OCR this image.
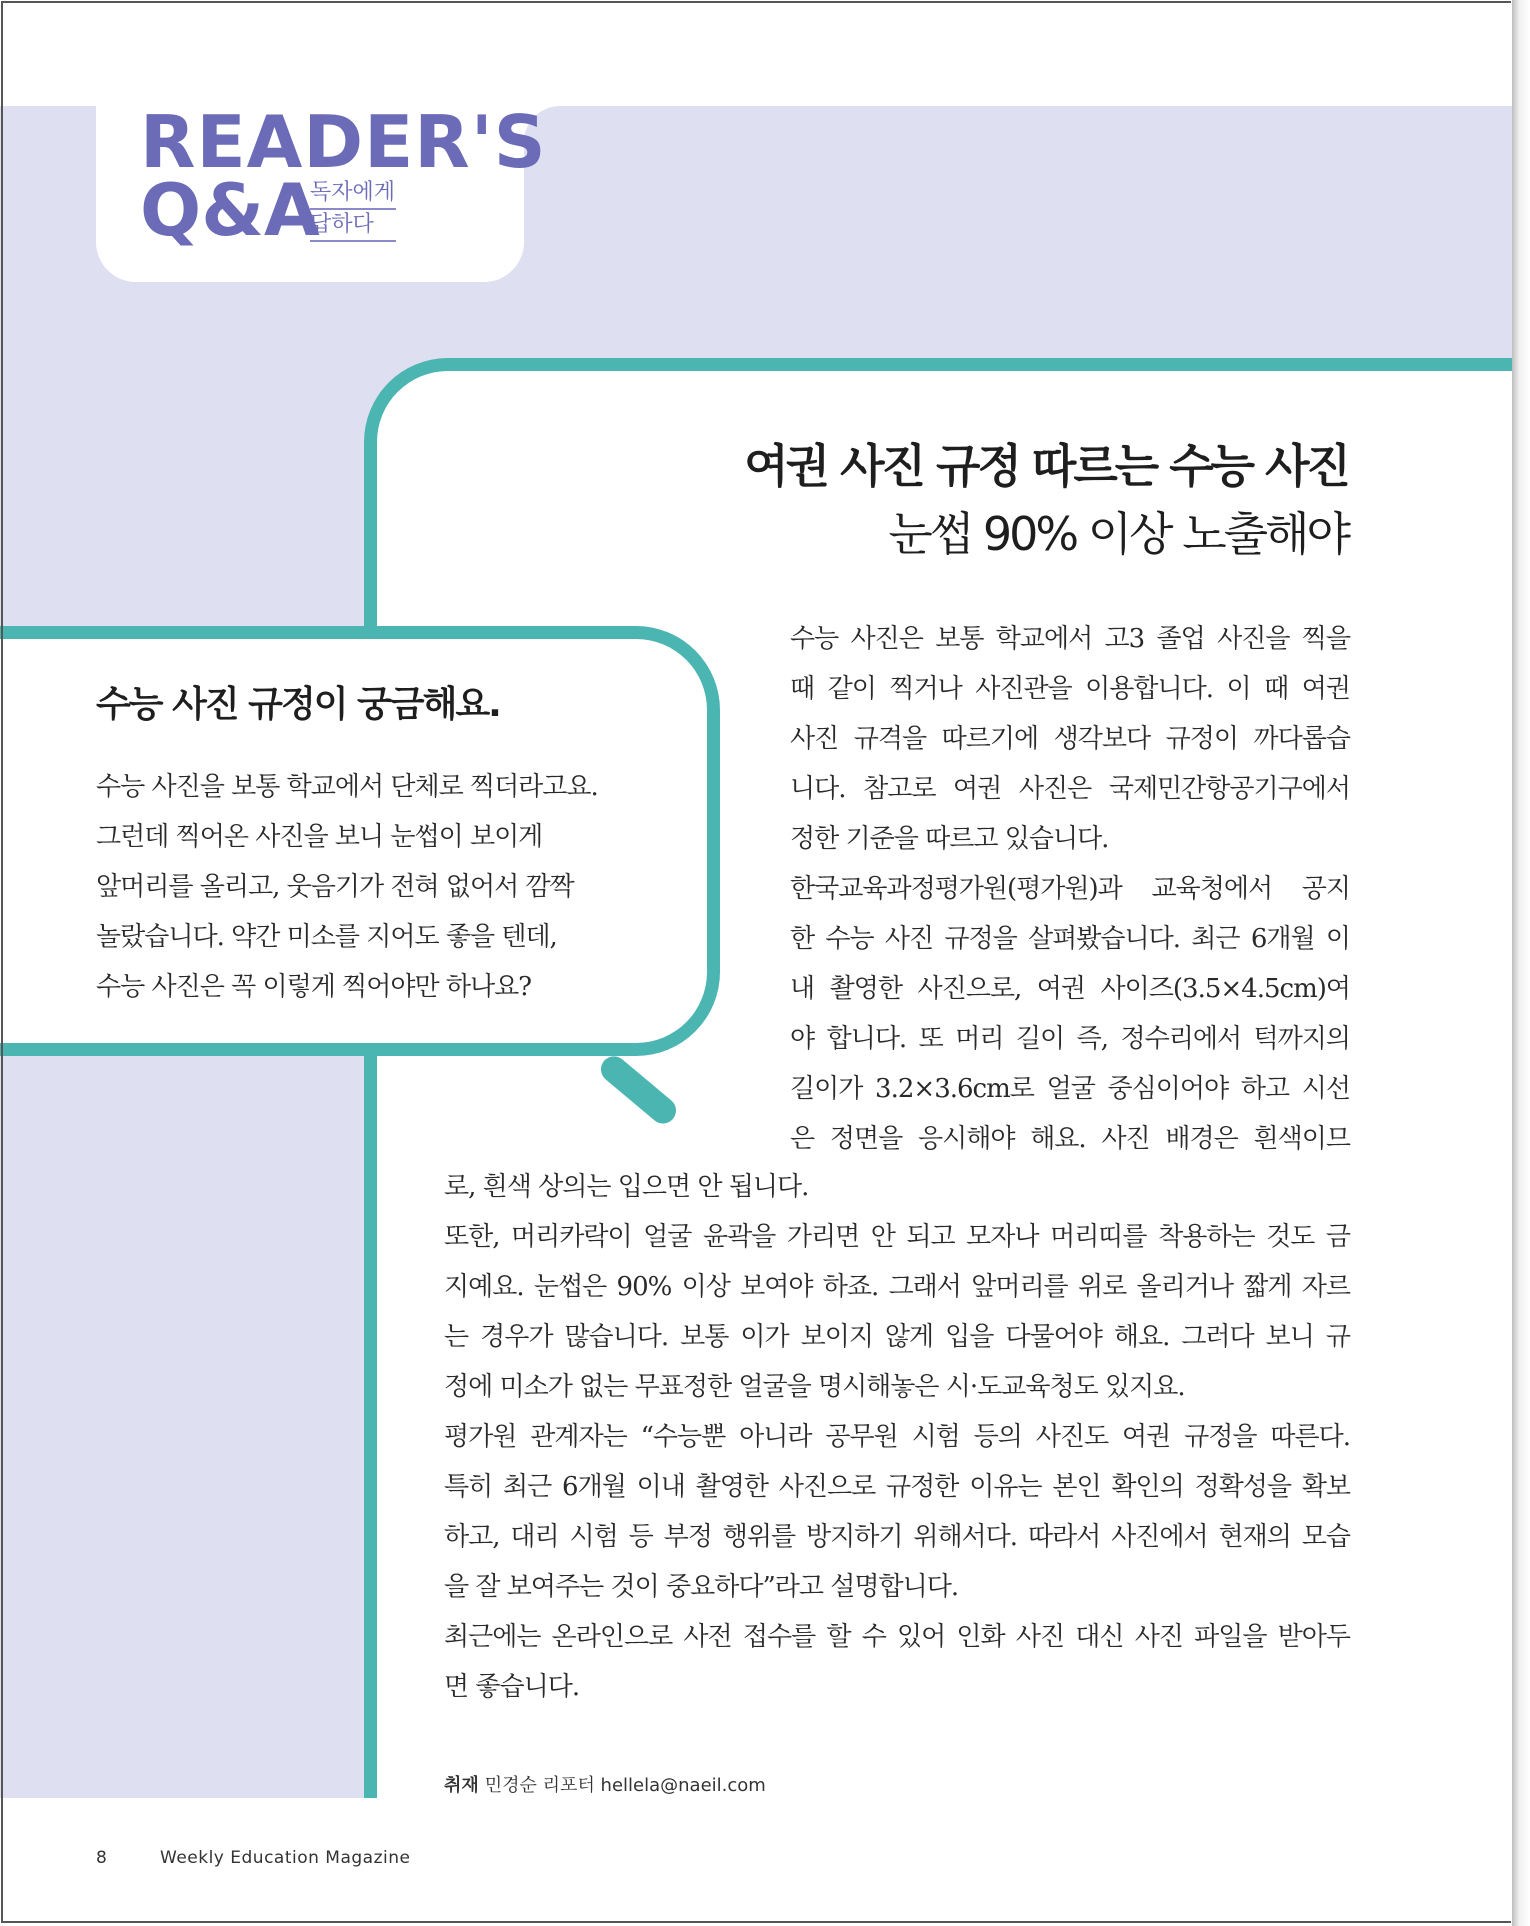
READER'S
Q&A
독자에게
답하다
여권 사진 규정 따르는 수능 사진
눈썹 90% 이상 노출해야
수능 사진 규정이 궁금해요.
수능 사진을 보통 학교에서 단체로 찍더라고요.
그런데 찍어온 사진을 보니 눈썹이 보이게
앞머리를 올리고, 웃음기가 전혀 없어서 깜짝
놀랐습니다. 약간 미소를 지어도 좋을 텐데,
수능 사진은 꼭 이렇게 찍어야만 하나요?
수능 사진은 보통 학교에서 고3 졸업 사진을 찍을
때 같이 찍거나 사진관을 이용합니다. 이 때 여권
사진 규격을 따르기에 생각보다 규정이 까다롭습
니다. 참고로 여권 사진은 국제민간항공기구에서
정한 기준을 따르고 있습니다.
한국교육과정평가원(평가원)과 교육청에서 공지
한 수능 사진 규정을 살펴봤습니다. 최근 6개월 이
내 촬영한 사진으로, 여권 사이즈(3.5×4.5cm)여
야 합니다. 또 머리 길이 즉, 정수리에서 턱까지의
길이가 3.2×3.6cm로 얼굴 중심이어야 하고 시선
은 정면을 응시해야 해요. 사진 배경은 흰색이므
로, 흰색 상의는 입으면 안 됩니다.
또한, 머리카락이 얼굴 윤곽을 가리면 안 되고 모자나 머리띠를 착용하는 것도 금
지예요. 눈썹은 90% 이상 보여야 하죠. 그래서 앞머리를 위로 올리거나 짧게 자르
는 경우가 많습니다. 보통 이가 보이지 않게 입을 다물어야 해요. 그러다 보니 규
정에 미소가 없는 무표정한 얼굴을 명시해놓은 시·도교육청도 있지요.
평가원 관계자는 “수능뿐 아니라 공무원 시험 등의 사진도 여권 규정을 따른다.
특히 최근 6개월 이내 촬영한 사진으로 규정한 이유는 본인 확인의 정확성을 확보
하고, 대리 시험 등 부정 행위를 방지하기 위해서다. 따라서 사진에서 현재의 모습
을 잘 보여주는 것이 중요하다”라고 설명합니다.
최근에는 온라인으로 사전 접수를 할 수 있어 인화 사진 대신 사진 파일을 받아두
면 좋습니다.
취재 민경순 리포터 hellela@naeil.com
8	Weekly Education Magazine
